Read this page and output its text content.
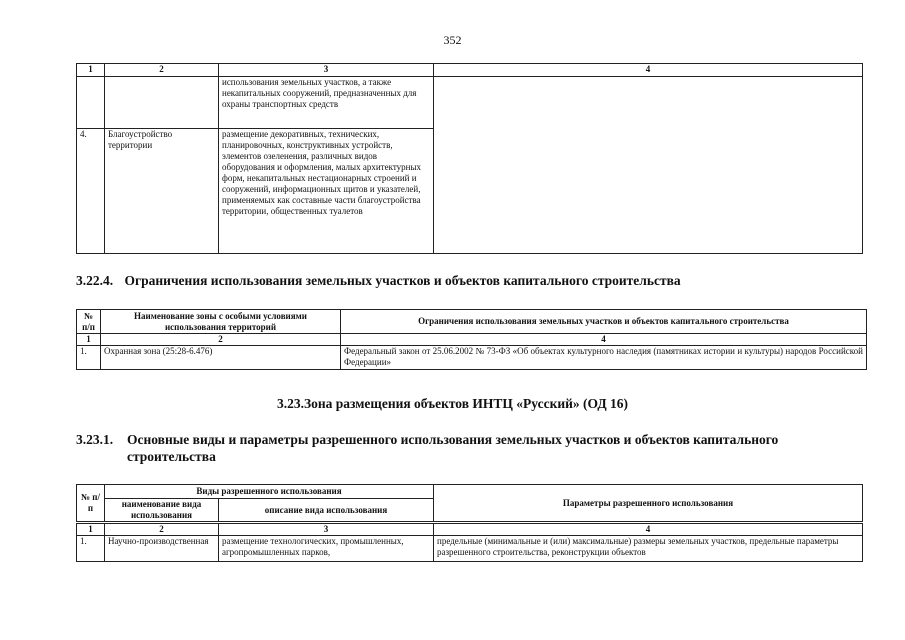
352
1	2	3	4
		использования земельных участков, а также некапитальных сооружений, предназначенных для охраны транспортных средств	
4.	Благоустройство территории	размещение декоративных, технических, планировочных, конструктивных устройств, элементов озеленения, различных видов оборудования и оформления, малых архитектурных форм, некапитальных нестационарных строений и сооружений, информационных щитов и указателей, применяемых как составные части благоустройства территории, общественных туалетов	
3.22.4. Ограничения использования земельных участков и объектов капитального строительства
№ п/п	Наименование зоны с особыми условиями использования территорий	Ограничения использования земельных участков и объектов капитального строительства
1	2	4
1.	Охранная зона (25:28-6.476)	Федеральный закон от 25.06.2002 № 73-ФЗ «Об объектах культурного наследия (памятниках истории и культуры) народов Российской Федерации»
3.23.Зона размещения объектов ИНТЦ «Русский» (ОД 16)
3.23.1. Основные виды и параметры разрешенного использования земельных участков и объектов капитального
строительства
№ п/п	Виды разрешенного использования		Параметры разрешенного использования
	наименование вида использования	описание вида использования	
1	2	3	4
1.	Научно-производственная	размещение технологических, промышленных, агропромышленных парков,	предельные (минимальные и (или) максимальные) размеры земельных участков, предельные параметры разрешенного строительства, реконструкции объектов
